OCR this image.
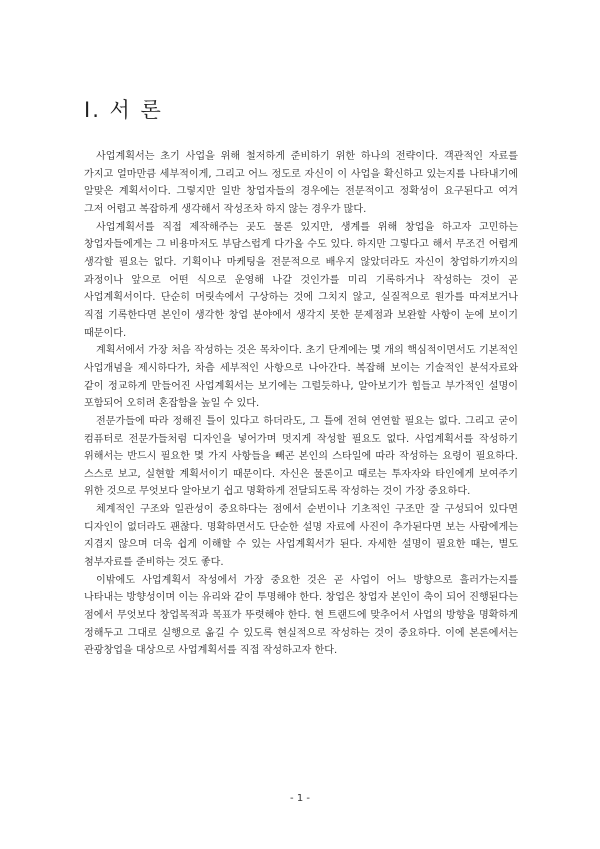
I. 서 론

사업계획서는 초기 사업을 위해 철저하게 준비하기 위한 하나의 전략이다. 객관적인 자료를 가지고 얼마만큼 세부적이게, 그리고 어느 정도로 자신이 이 사업을 확신하고 있는지를 나타내기에 알맞은 계획서이다. 그렇지만 일반 창업자들의 경우에는 전문적이고 정확성이 요구된다고 여겨 그저 어렵고 복잡하게 생각해서 작성조차 하지 않는 경우가 많다.

사업계획서를 직접 제작해주는 곳도 물론 있지만, 생계를 위해 창업을 하고자 고민하는 창업자들에게는 그 비용마저도 부담스럽게 다가올 수도 있다. 하지만 그렇다고 해서 무조건 어렵게 생각할 필요는 없다. 기획이나 마케팅을 전문적으로 배우지 않았더라도 자신이 창업하기까지의 과정이나 앞으로 어떤 식으로 운영해 나갈 것인가를 미리 기록하거나 작성하는 것이 곧 사업계획서이다. 단순히 머릿속에서 구상하는 것에 그치지 않고, 실질적으로 원가를 따져보거나 직접 기록한다면 본인이 생각한 창업 분야에서 생각지 못한 문제점과 보완할 사항이 눈에 보이기 때문이다.

계획서에서 가장 처음 작성하는 것은 목차이다. 초기 단계에는 몇 개의 핵심적이면서도 기본적인 사업개념을 제시하다가, 차츰 세부적인 사항으로 나아간다. 복잡해 보이는 기술적인 분석자료와 같이 정교하게 만들어진 사업계획서는 보기에는 그럴듯하나, 알아보기가 힘들고 부가적인 설명이 포함되어 오히려 혼잡함을 높일 수 있다.

전문가들에 따라 정해진 틀이 있다고 하더라도, 그 틀에 전혀 연연할 필요는 없다. 그리고 굳이 컴퓨터로 전문가들처럼 디자인을 넣어가며 멋지게 작성할 필요도 없다. 사업계획서를 작성하기 위해서는 반드시 필요한 몇 가지 사항들을 빼곤 본인의 스타일에 따라 작성하는 요령이 필요하다. 스스로 보고, 실현할 계획서이기 때문이다. 자신은 물론이고 때로는 투자자와 타인에게 보여주기 위한 것으로 무엇보다 알아보기 쉽고 명확하게 전달되도록 작성하는 것이 가장 중요하다.

체계적인 구조와 일관성이 중요하다는 점에서 순번이나 기초적인 구조만 잘 구성되어 있다면 디자인이 없더라도 괜찮다. 명확하면서도 단순한 설명 자료에 사진이 추가된다면 보는 사람에게는 지겹지 않으며 더욱 쉽게 이해할 수 있는 사업계획서가 된다. 자세한 설명이 필요한 때는, 별도 첨부자료를 준비하는 것도 좋다.

이밖에도 사업계획서 작성에서 가장 중요한 것은 곧 사업이 어느 방향으로 흘러가는지를 나타내는 방향성이며 이는 유리와 같이 투명해야 한다. 창업은 창업자 본인이 축이 되어 진행된다는 점에서 무엇보다 창업목적과 목표가 뚜렷해야 한다. 현 트랜드에 맞추어서 사업의 방향을 명확하게 정해두고 그대로 실행으로 옮길 수 있도록 현실적으로 작성하는 것이 중요하다. 이에 본론에서는 관광창업을 대상으로 사업계획서를 직접 작성하고자 한다.

- 1 -
